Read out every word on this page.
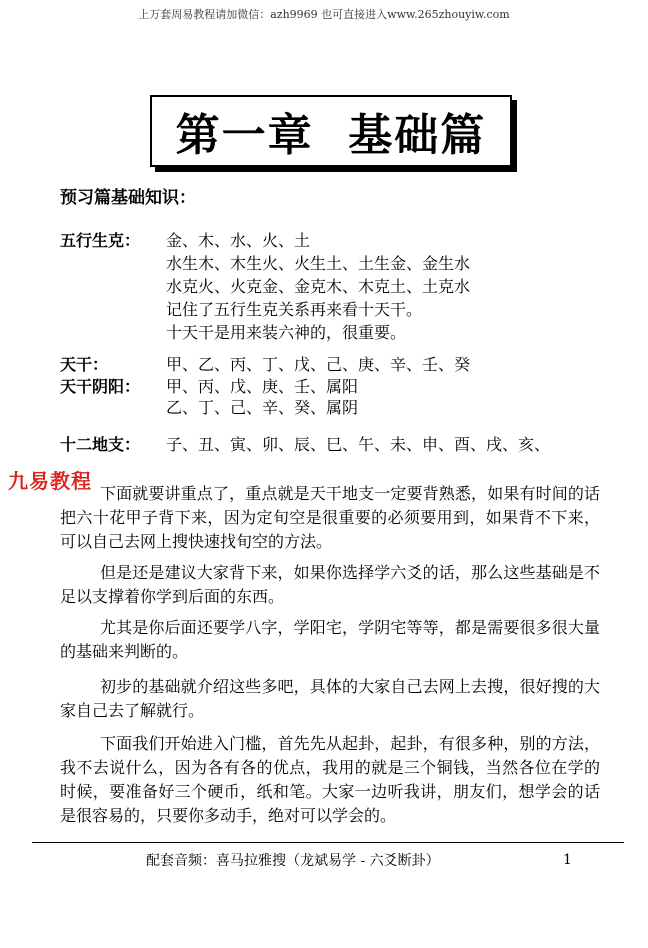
上万套周易教程请加微信：azh9969 也可直接进入www.265zhouyiw.com
第一章  基础篇
预习篇基础知识：
五行生克： 金、木、水、火、土
水生木、木生火、火生土、土生金、金生水
水克火、火克金、金克木、木克土、土克水
记住了五行生克关系再来看十天干。
十天干是用来装六神的，很重要。
天干：	甲、乙、丙、丁、戊、己、庚、辛、壬、癸
天干阴阳： 甲、丙、戊、庚、壬、属阳
乙、丁、己、辛、癸、属阴
十二地支： 子、丑、寅、卯、辰、巳、午、未、申、酉、戌、亥、
九易教程
下面就要讲重点了，重点就是天干地支一定要背熟悉，如果有时间的话把六十花甲子背下来，因为定旬空是很重要的必须要用到，如果背不下来，可以自己去网上搜快速找旬空的方法。
但是还是建议大家背下来，如果你选择学六爻的话，那么这些基础是不足以支撑着你学到后面的东西。
尤其是你后面还要学八字，学阳宅，学阴宅等等，都是需要很多很大量的基础来判断的。
初步的基础就介绍这些多吧，具体的大家自己去网上去搜，很好搜的大家自己去了解就行。
下面我们开始进入门槛，首先先从起卦，起卦，有很多种，别的方法，我不去说什么，因为各有各的优点，我用的就是三个铜钱，当然各位在学的时候，要准备好三个硬币，纸和笔。大家一边听我讲，朋友们，想学会的话是很容易的，只要你多动手，绝对可以学会的。
配套音频：喜马拉雅搜（龙斌易学 - 六爻断卦）	1
